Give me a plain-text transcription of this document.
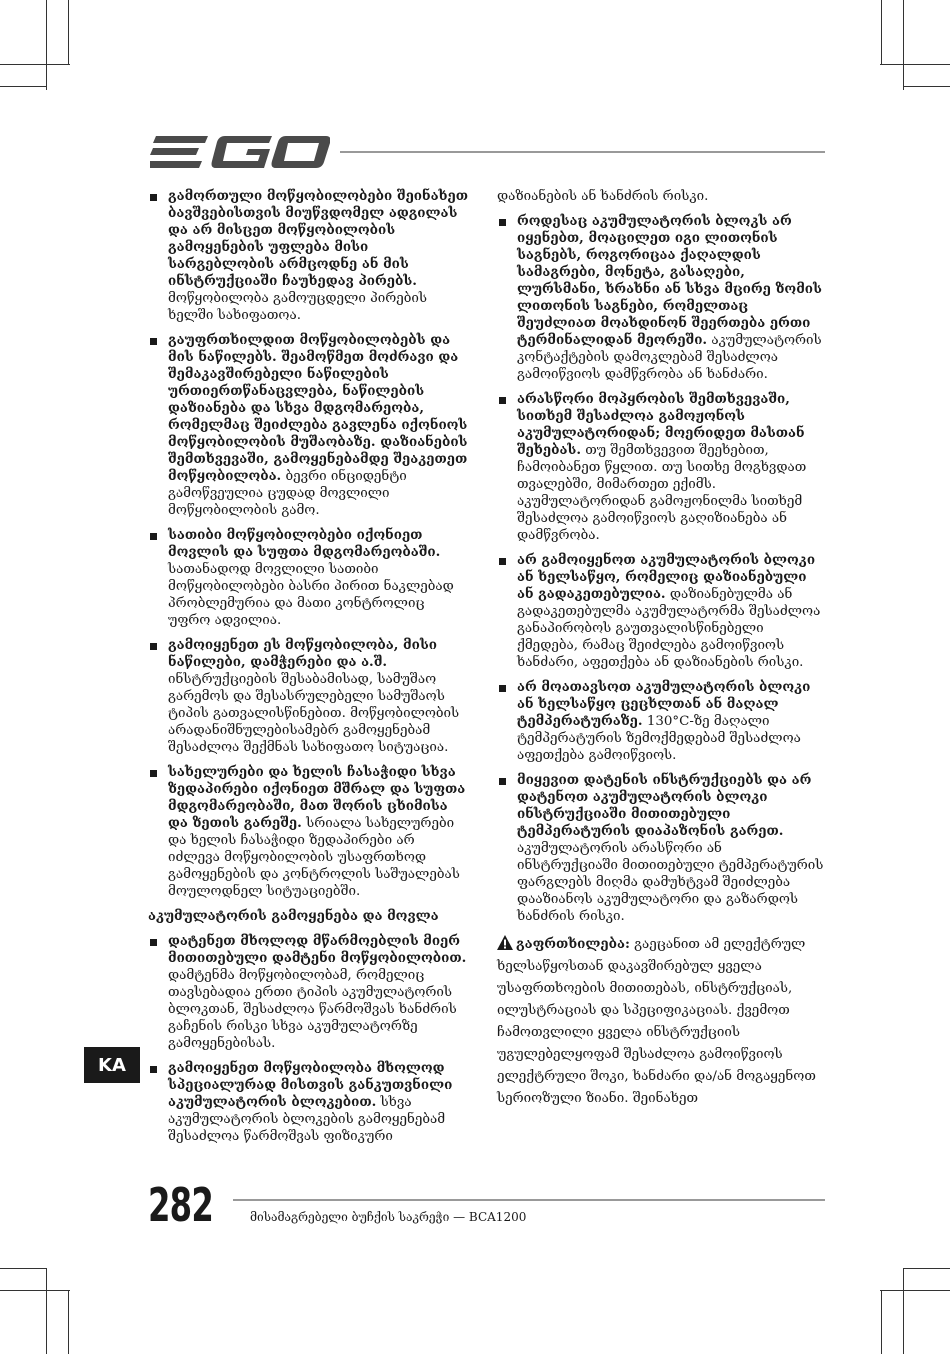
გამორთული მოწყობილობები შეინახეთ ბავშვებისთვის მიუწვდომელ ადგილას და არ მისცეთ მოწყობილობის გამოყენების უფლება მისი სარგებლობის არმცოდნე ან მის ინსტრუქციაში ჩაუხედავ პირებს. მოწყობილობა გამოუცდელი პირების ხელში სახიფათოა.
გაუფრთხილდით მოწყობილობებს და მის ნაწილებს. შეამოწმეთ მოძრავი და შემაკავშირებელი ნაწილების ურთიერთწანაცვლება, ნაწილების დაზიანება და სხვა მდგომარეობა, რომელმაც შეიძლება გავლენა იქონიოს მოწყობილობის მუშაობაზე. დაზიანების შემთხვევაში, გამოყენებამდე შეაკეთეთ მოწყობილობა. ბევრი ინციდენტი გამოწვეულია ცუდად მოვლილი მოწყობილობის გამო.
სათიბი მოწყობილობები იქონიეთ მოვლის და სუფთა მდგომარეობაში. სათანადოდ მოვლილი სათიბი მოწყობილობები ბასრი პირით ნაკლებად პრობლემურია და მათი კონტროლიც უფრო ადვილია.
გამოიყენეთ ეს მოწყობილობა, მისი ნაწილები, დამჭერები და ა.შ. ინსტრუქციების შესაბამისად, სამუშაო გარემოს და შესასრულებელი სამუშაოს ტიპის გათვალისწინებით. მოწყობილობის არადანიშნულებისამებრ გამოყენებამ შესაძლოა შექმნას სახიფათო სიტუაცია.
სახელურები და ხელის ჩასაჭიდი სხვა ზედაპირები იქონიეთ მშრალ და სუფთა მდგომარეობაში, მათ შორის ცხიმისა და ზეთის გარეშე. სრიალა სახელურები და ხელის ჩასაჭიდი ზედაპირები არ იძლევა მოწყობილობის უსაფრთხოდ გამოყენების და კონტროლის საშუალებას მოულოდნელ სიტუაციებში.
აკუმულატორის გამოყენება და მოვლა
დატენეთ მხოლოდ მწარმოებლის მიერ მითითებული დამტენი მოწყობილობით. დამტენმა მოწყობილობამ, რომელიც თავსებადია ერთი ტიპის აკუმულატორის ბლოკთან, შესაძლოა წარმოშვას ხანძრის გაჩენის რისკი სხვა აკუმულატორზე გამოყენებისას.
გამოიყენეთ მოწყობილობა მხოლოდ სპეციალურად მისთვის განკუთვნილი აკუმულატორის ბლოკებით. სხვა აკუმულატორის ბლოკების გამოყენებამ შესაძლოა წარმოშვას ფიზიკური
დაზიანების ან ხანძრის რისკი.
როდესაც აკუმულატორის ბლოკს არ იყენებთ, მოაცილეთ იგი ლითონის საგნებს, როგორიცაა ქაღალდის სამაგრები, მონეტა, გასაღები, ლურსმანი, ხრახნი ან სხვა მცირე ზომის ლითონის საგნები, რომელთაც შეუძლიათ მოახდინონ შეერთება ერთი ტერმინალიდან მეორეში. აკუმულატორის კონტაქტების დამოკლებამ შესაძლოა გამოიწვიოს დამწვრობა ან ხანძარი.
არასწორი მოპყრობის შემთხვევაში, სითხემ შესაძლოა გამოჟონოს აკუმულატორიდან; მოერიდეთ მასთან შეხებას. თუ შემთხვევით შეეხებით, ჩამოიბანეთ წყლით. თუ სითხე მოგხვდათ თვალებში, მიმართეთ ექიმს. აკუმულატორიდან გამოჟონილმა სითხემ შესაძლოა გამოიწვიოს გაღიზიანება ან დამწვრობა.
არ გამოიყენოთ აკუმულატორის ბლოკი ან ხელსაწყო, რომელიც დაზიანებული ან გადაკეთებულია. დაზიანებულმა ან გადაკეთებულმა აკუმულატორმა შესაძლოა განაპირობოს გაუთვალისწინებელი ქმედება, რამაც შეიძლება გამოიწვიოს ხანძარი, აფეთქება ან დაზიანების რისკი.
არ მოათავსოთ აკუმულატორის ბლოკი ან ხელსაწყო ცეცხლთან ან მაღალ ტემპერატურაზე. 130°C-ზე მაღალი ტემპერატურის ზემოქმედებამ შესაძლოა აფეთქება გამოიწვიოს.
მიყევით დატენის ინსტრუქციებს და არ დატენოთ აკუმულატორის ბლოკი ინსტრუქციაში მითითებული ტემპერატურის დიაპაზონის გარეთ. აკუმულატორის არასწორი ან ინსტრუქციაში მითითებული ტემპერატურის ფარგლებს მიღმა დამუხტვამ შეიძლება დააზიანოს აკუმულატორი და გაზარდოს ხანძრის რისკი.
გაფრთხილება: გაეცანით ამ ელექტრულ ხელსაწყოსთან დაკავშირებულ ყველა უსაფრთხოების მითითებას, ინსტრუქციას, ილუსტრაციას და სპეციფიკაციას. ქვემოთ ჩამოთვლილი ყველა ინსტრუქციის უგულებელყოფამ შესაძლოა გამოიწვიოს ელექტრული შოკი, ხანძარი და/ან მოგაყენოთ სერიოზული ზიანი. შეინახეთ
KA
282	მისამაგრებელი ბუჩქის საკრეჭი — BCA1200
